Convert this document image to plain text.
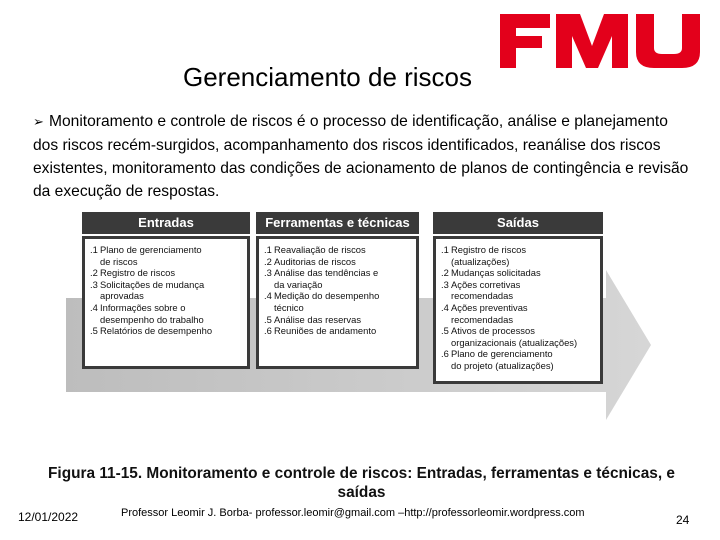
Gerenciamento de riscos
➢ Monitoramento e controle de riscos é o processo de identificação, análise e planejamento dos riscos recém-surgidos, acompanhamento dos riscos identificados, reanálise dos riscos existentes, monitoramento das condições de acionamento de planos de contingência e revisão da execução de respostas.
Entradas
.1 Plano de gerenciamento
de riscos
.2 Registro de riscos
.3 Solicitações de mudança
aprovadas
.4 Informações sobre o
desempenho do trabalho
.5 Relatórios de desempenho
Ferramentas e técnicas
.1 Reavaliação de riscos
.2 Auditorias de riscos
.3 Análise das tendências e
da variação
.4 Medição do desempenho
técnico
.5 Análise das reservas
.6 Reuniões de andamento
Saídas
.1 Registro de riscos
(atualizações)
.2 Mudanças solicitadas
.3 Ações corretivas
recomendadas
.4 Ações preventivas
recomendadas
.5 Ativos de processos
organizacionais (atualizações)
.6 Plano de gerenciamento
do projeto (atualizações)
Figura 11-15. Monitoramento e controle de riscos: Entradas, ferramentas e técnicas, e
saídas
12/01/2022	Professor Leomir J. Borba- professor.leomir@gmail.com –http://professorleomir.wordpress.com	24
